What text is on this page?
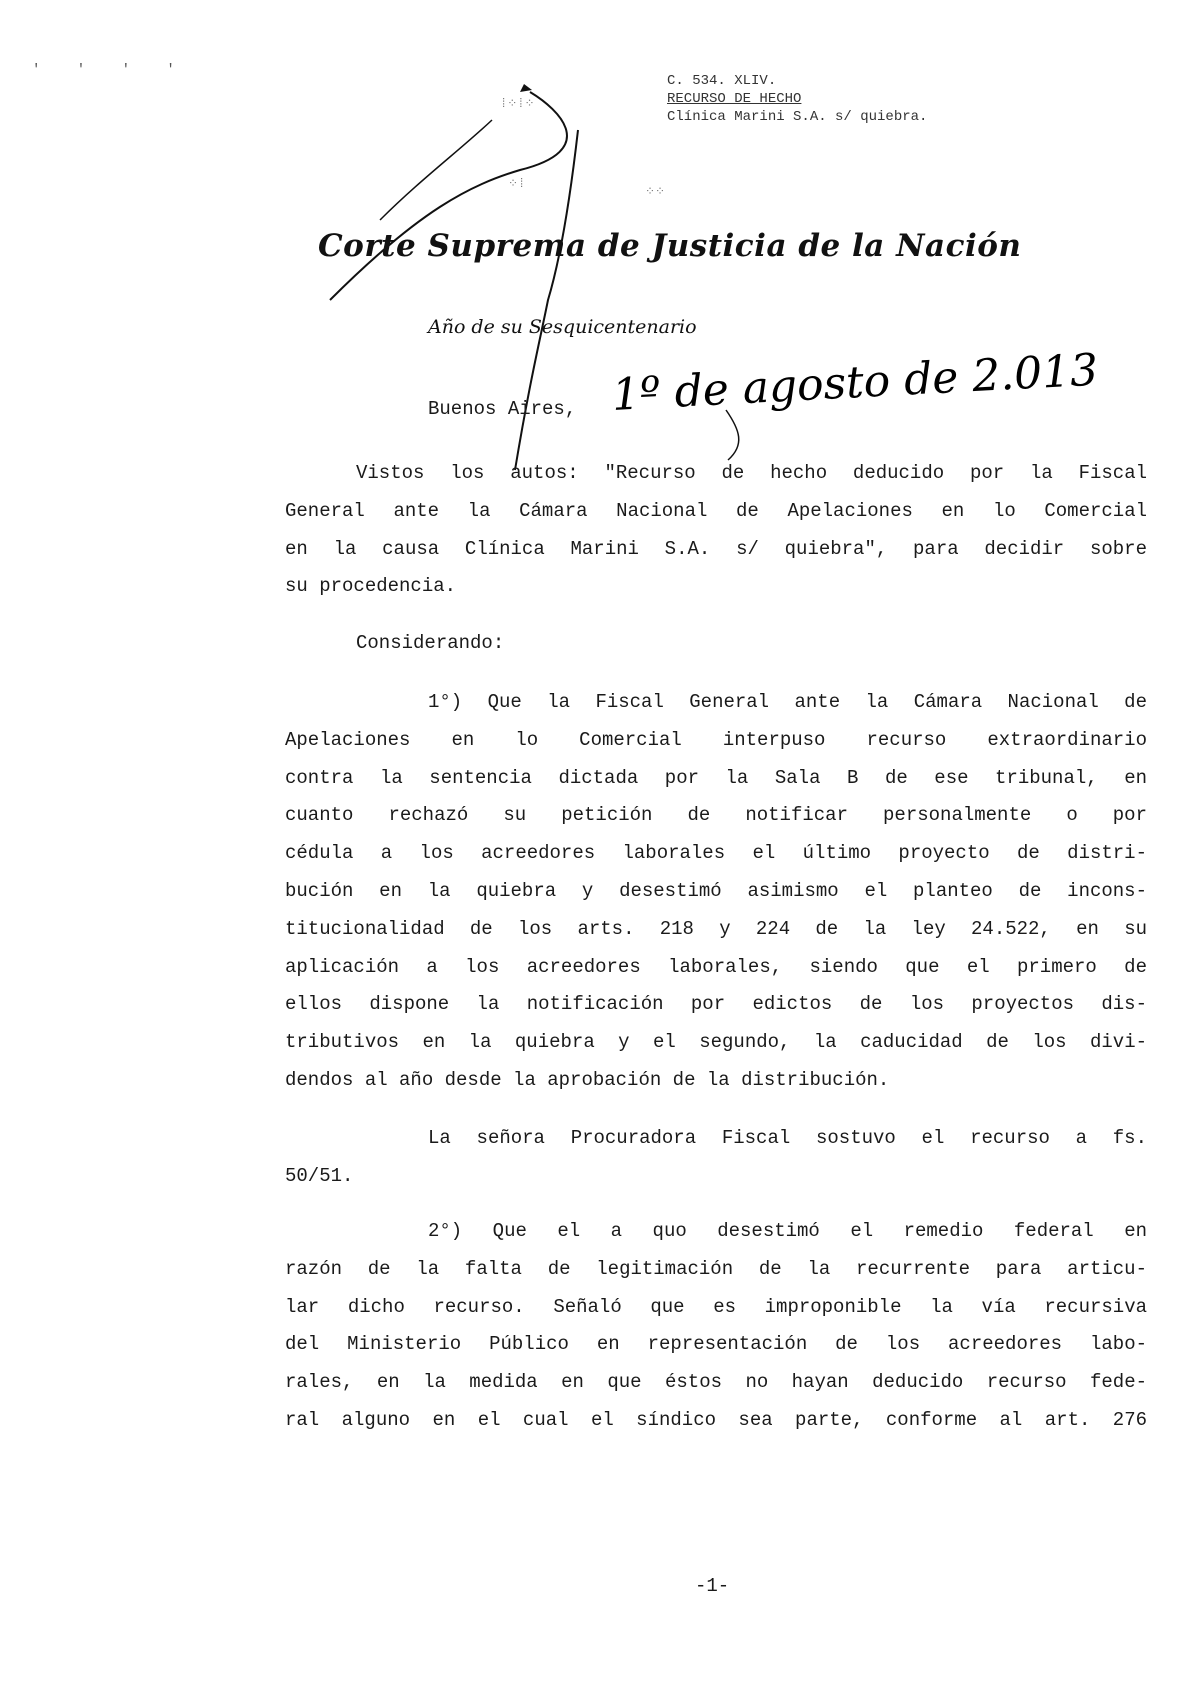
' ' ' '
⁞⁘⁞⁘
⁘⁞
⁘⁘
C. 534. XLIV.
RECURSO DE HECHO
Clínica Marini S.A. s/ quiebra.
Corte Suprema de Justicia de la Nación
Año de su Sesquicentenario
Buenos Aires, 1º de agosto de 2.013
Vistos los autos: "Recurso de hecho deducido por la Fiscal
General ante la Cámara Nacional de Apelaciones en lo Comercial
en la causa Clínica Marini S.A. s/ quiebra", para decidir sobre
su procedencia.
Considerando:
1°) Que la Fiscal General ante la Cámara Nacional de
Apelaciones en lo Comercial interpuso recurso extraordinario
contra la sentencia dictada por la Sala B de ese tribunal, en
cuanto rechazó su petición de notificar personalmente o por
cédula a los acreedores laborales el último proyecto de distri-
bución en la quiebra y desestimó asimismo el planteo de incons-
titucionalidad de los arts. 218 y 224 de la ley 24.522, en su
aplicación a los acreedores laborales, siendo que el primero de
ellos dispone la notificación por edictos de los proyectos dis-
tributivos en la quiebra y el segundo, la caducidad de los divi-
dendos al año desde la aprobación de la distribución.
La señora Procuradora Fiscal sostuvo el recurso a fs.
50/51.
2°) Que el a quo desestimó el remedio federal en
razón de la falta de legitimación de la recurrente para articu-
lar dicho recurso. Señaló que es improponible la vía recursiva
del Ministerio Público en representación de los acreedores labo-
rales, en la medida en que éstos no hayan deducido recurso fede-
ral alguno en el cual el síndico sea parte, conforme al art. 276
-1-
